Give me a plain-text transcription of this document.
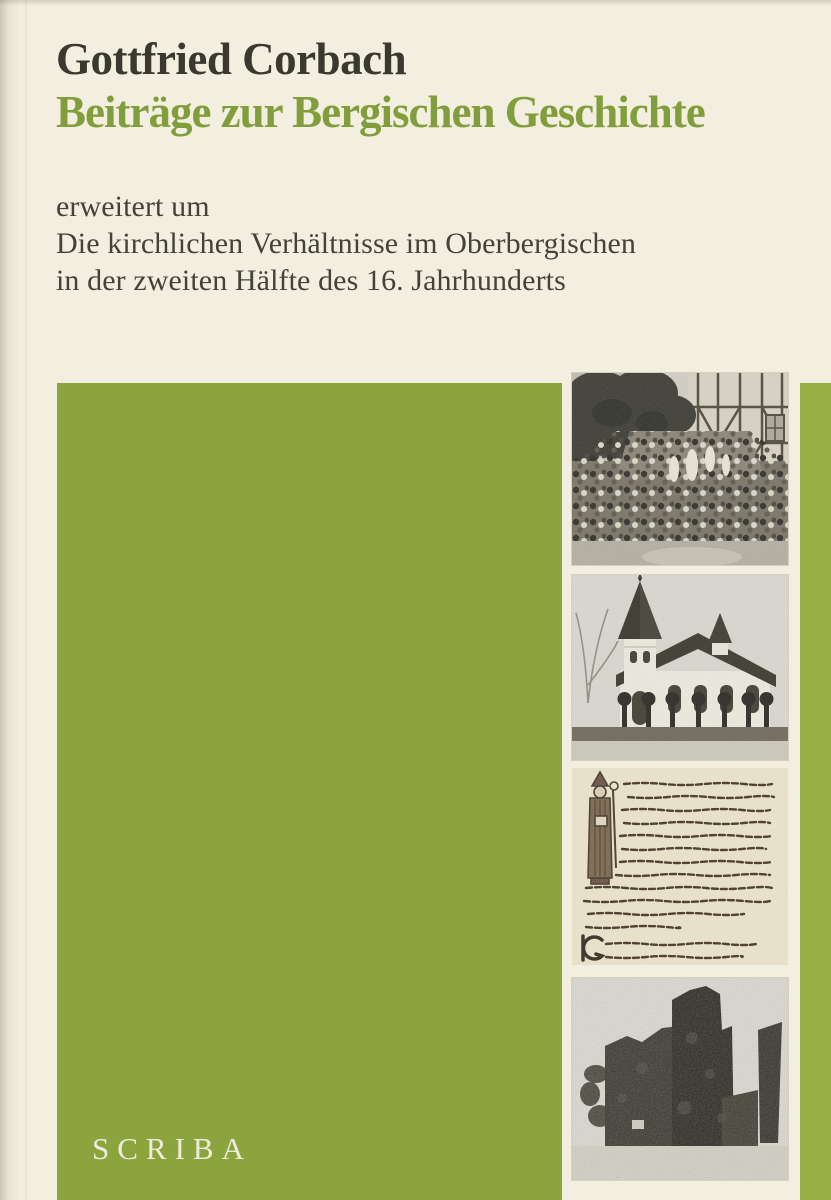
Gottfried Corbach
Beiträge zur Bergischen Geschichte
erweitert um
Die kirchlichen Verhältnisse im Oberbergischen
in der zweiten Hälfte des 16. Jahrhunderts
SCRIBA
